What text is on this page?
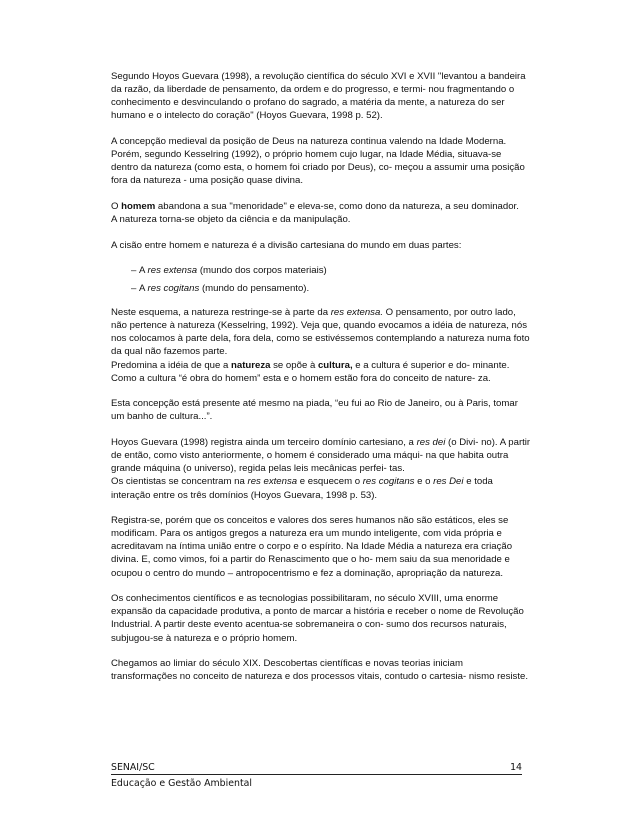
Segundo Hoyos Guevara (1998), a revolução científica do século XVI e XVII "levantou a bandeira da razão, da liberdade de pensamento, da ordem e do progresso, e termi- nou fragmentando o conhecimento e desvinculando o profano do sagrado, a matéria da mente, a natureza do ser humano e o intelecto do coração" (Hoyos Guevara, 1998 p. 52).

A concepção medieval da posição de Deus na natureza continua valendo na Idade Moderna. Porém, segundo Kesselring (1992), o próprio homem cujo lugar, na Idade Média, situava-se dentro da natureza (como esta, o homem foi criado por Deus), co- meçou a assumir uma posição fora da natureza - uma posição quase divina.

O homem abandona a sua "menoridade" e eleva-se, como dono da natureza, a seu dominador.
A natureza torna-se objeto da ciência e da manipulação.

A cisão entre homem e natureza é a divisão cartesiana do mundo em duas partes:

– A res extensa (mundo dos corpos materiais)
– A res cogitans (mundo do pensamento).

Neste esquema, a natureza restringe-se à parte da res extensa. O pensamento, por outro lado, não pertence à natureza (Kesselring, 1992). Veja que, quando evocamos a idéia de natureza, nós nos colocamos à parte dela, fora dela, como se estivéssemos contemplando a natureza numa foto da qual não fazemos parte.
Predomina a idéia de que a natureza se opõe à cultura, e a cultura é superior e do- minante.
Como a cultura “é obra do homem” esta e o homem estão fora do conceito de nature- za.

Esta concepção está presente até mesmo na piada, “eu fui ao Rio de Janeiro, ou à Paris, tomar um banho de cultura...”.

Hoyos Guevara (1998) registra ainda um terceiro domínio cartesiano, a res dei (o Divi- no). A partir de então, como visto anteriormente, o homem é considerado uma máqui- na que habita outra grande máquina (o universo), regida pelas leis mecânicas perfei- tas.
Os cientistas se concentram na res extensa e esquecem o res cogitans e o res Dei e toda interação entre os três domínios (Hoyos Guevara, 1998 p. 53).

Registra-se, porém que os conceitos e valores dos seres humanos não são estáticos, eles se modificam. Para os antigos gregos a natureza era um mundo inteligente, com vida própria e acreditavam na íntima união entre o corpo e o espírito. Na Idade Média a natureza era criação divina. E, como vimos, foi a partir do Renascimento que o ho- mem saiu da sua menoridade e ocupou o centro do mundo – antropocentrismo e fez a dominação, apropriação da natureza.

Os conhecimentos científicos e as tecnologias possibilitaram, no século XVIII, uma enorme expansão da capacidade produtiva, a ponto de marcar a história e receber o nome de Revolução Industrial. A partir deste evento acentua-se sobremaneira o con- sumo dos recursos naturais, subjugou-se à natureza e o próprio homem.

Chegamos ao limiar do século XIX. Descobertas científicas e novas teorias iniciam transformações no conceito de natureza e dos processos vitais, contudo o cartesia- nismo resiste.

SENAI/SC	14
Educação e Gestão Ambiental
